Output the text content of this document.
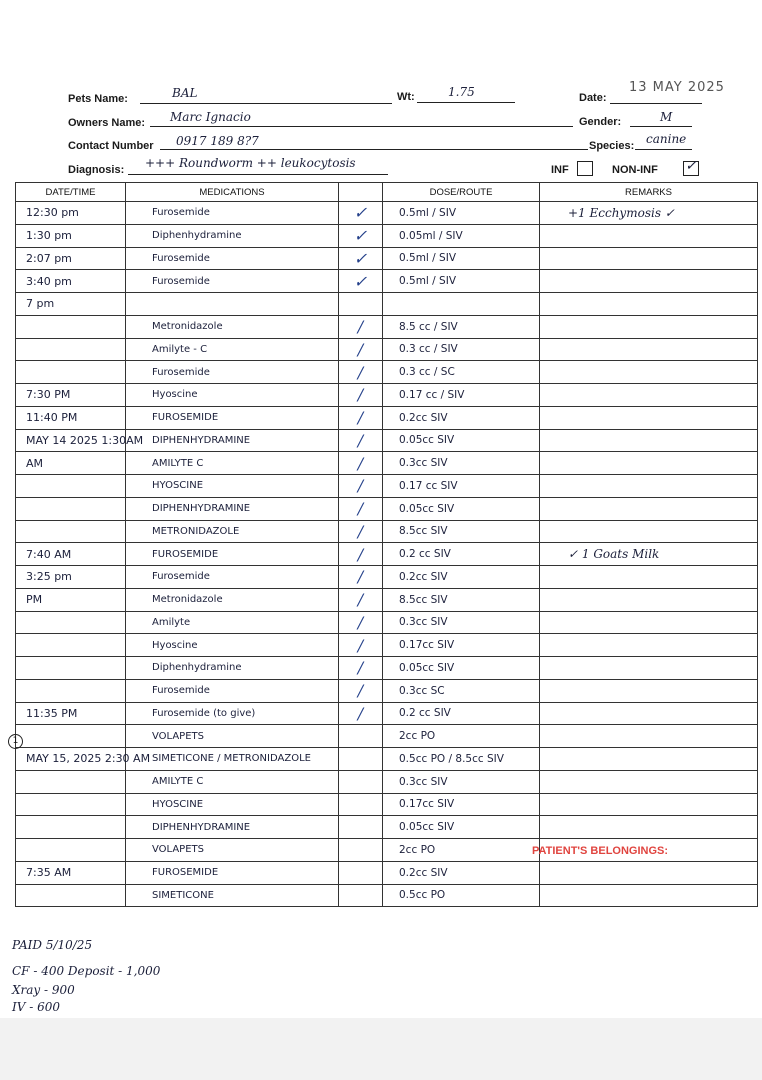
Pets Name:	BAL	Wt:	1.75	Date:
13 MAY 2025
Owners Name: Marc Ignacio	Gender:	M
Contact Number 0917 189 8?7	Species: canine
Diagnosis: +++ Roundworm ++ leukocytosis	INF	NON-INF ✓
DATE/TIME	MEDICATIONS		DOSE/ROUTE	REMARKS
12:30 pm	Furosemide	✓	0.5ml / SIV	+1 Ecchymosis ✓
1:30 pm	Diphenhydramine	✓	0.05ml / SIV	
2:07 pm	Furosemide	✓	0.5ml / SIV	
3:40 pm	Furosemide	✓	0.5ml / SIV	
7 pm				
	Metronidazole	/	8.5 cc / SIV	
	Amilyte - C	/	0.3 cc / SIV	
	Furosemide	/	0.3 cc / SC	
7:30 PM	Hyoscine	/	0.17 cc / SIV	
11:40 PM	FUROSEMIDE	/	0.2cc SIV	
MAY 14 2025 1:30AM	DIPHENHYDRAMINE	/	0.05cc SIV	
AM	AMILYTE C	/	0.3cc SIV	
	HYOSCINE	/	0.17 cc SIV	
	DIPHENHYDRAMINE	/	0.05cc SIV	
	METRONIDAZOLE	/	8.5cc SIV	
7:40 AM	FUROSEMIDE	/	0.2 cc SIV	✓ 1 Goats Milk
3:25 pm	Furosemide	/	0.2cc SIV	
PM	Metronidazole	/	8.5cc SIV	
	Amilyte	/	0.3cc SIV	
	Hyoscine	/	0.17cc SIV	
	Diphenhydramine	/	0.05cc SIV	
	Furosemide	/	0.3cc SC	
11:35 PM	Furosemide (to give)	/	0.2 cc SIV	
	VOLAPETS		2cc PO	
MAY 15, 2025 2:30 AM	SIMETICONE / METRONIDAZOLE		0.5cc PO / 8.5cc SIV	
	AMILYTE C		0.3cc SIV	
	HYOSCINE		0.17cc SIV	
	DIPHENHYDRAMINE		0.05cc SIV	
	VOLAPETS		2cc PO	
7:35 AM	FUROSEMIDE		0.2cc SIV	
	SIMETICONE		0.5cc PO	
1
PATIENT'S BELONGINGS:
PAID 5/10/25
CF - 400 Deposit - 1,000
Xray - 900
IV - 600
